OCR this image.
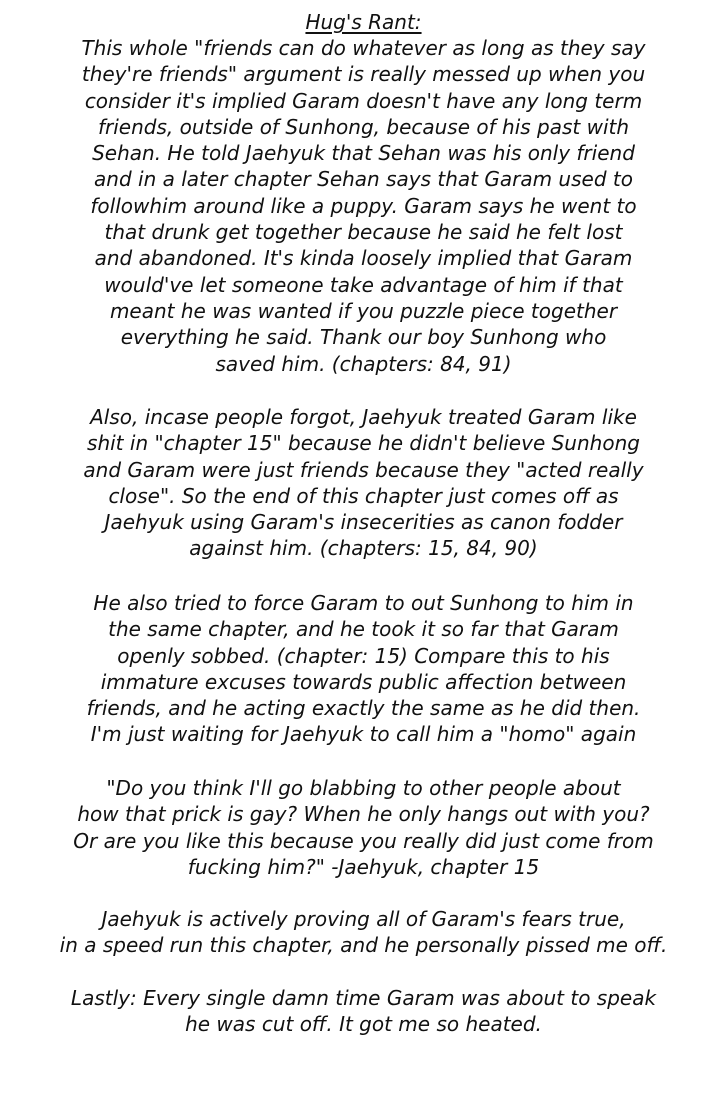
Hug's Rant:
This whole "friends can do whatever as long as they say
they're friends" argument is really messed up when you
consider it's implied Garam doesn't have any long term
friends, outside of Sunhong, because of his past with
Sehan. He told Jaehyuk that Sehan was his only friend
and in a later chapter Sehan says that Garam used to
followhim around like a puppy. Garam says he went to
that drunk get together because he said he felt lost
and abandoned. It's kinda loosely implied that Garam
would've let someone take advantage of him if that
meant he was wanted if you puzzle piece together
everything he said. Thank our boy Sunhong who
saved him. (chapters: 84, 91)
Also, incase people forgot, Jaehyuk treated Garam like
shit in "chapter 15" because he didn't believe Sunhong
and Garam were just friends because they "acted really
close". So the end of this chapter just comes off as
Jaehyuk using Garam's insecerities as canon fodder
against him. (chapters: 15, 84, 90)
He also tried to force Garam to out Sunhong to him in
the same chapter, and he took it so far that Garam
openly sobbed. (chapter: 15) Compare this to his
immature excuses towards public affection between
friends, and he acting exactly the same as he did then.
I'm just waiting for Jaehyuk to call him a "homo" again
"Do you think I'll go blabbing to other people about
how that prick is gay? When he only hangs out with you?
Or are you like this because you really did just come from
fucking him?" -Jaehyuk, chapter 15
Jaehyuk is actively proving all of Garam's fears true,
in a speed run this chapter, and he personally pissed me off.
Lastly: Every single damn time Garam was about to speak
he was cut off. It got me so heated.
